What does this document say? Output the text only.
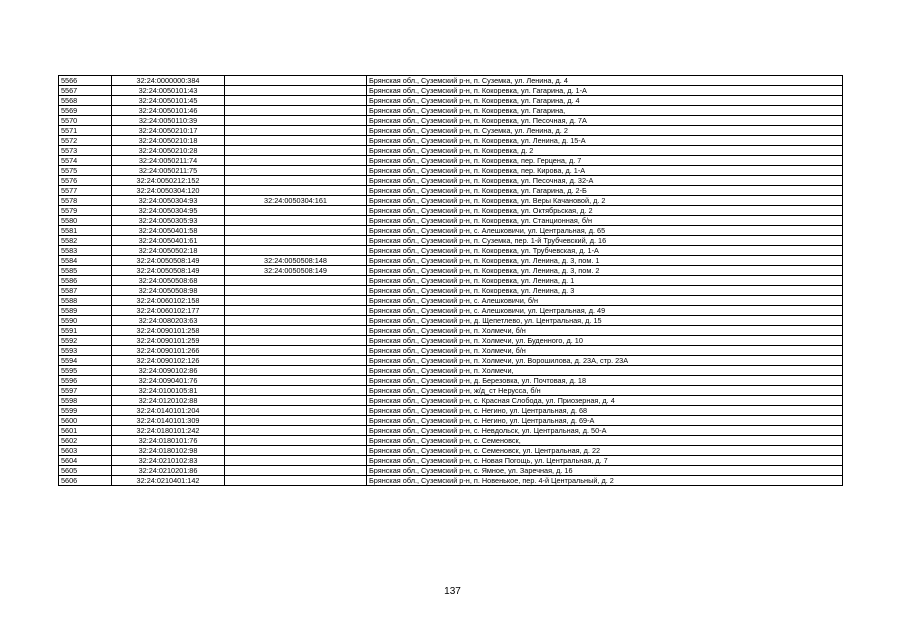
5566	32:24:0000000:384		Брянская обл., Суземский р-н, п. Суземка, ул. Ленина, д. 4
5567	32:24:0050101:43		Брянская обл., Суземский р-н, п. Кокоревка, ул. Гагарина, д. 1-А
5568	32:24:0050101:45		Брянская обл., Суземский р-н, п. Кокоревка, ул. Гагарина, д. 4
5569	32:24:0050101:46		Брянская обл., Суземский р-н, п. Кокоревка, ул. Гагарина,
5570	32:24:0050110:39		Брянская обл., Суземский р-н, п. Кокоревка, ул. Песочная, д. 7А
5571	32:24:0050210:17		Брянская обл., Суземский р-н, п. Суземка, ул. Ленина, д. 2
5572	32:24:0050210:18		Брянская обл., Суземский р-н, п. Кокоревка, ул. Ленина, д. 15-А
5573	32:24:0050210:28		Брянская обл., Суземский р-н, п. Кокоревка, д. 2
5574	32:24:0050211:74		Брянская обл., Суземский р-н, п. Кокоревка, пер. Герцена, д. 7
5575	32:24:0050211:75		Брянская обл., Суземский р-н, п. Кокоревка, пер. Кирова, д. 1-А
5576	32:24:0050212:152		Брянская обл., Суземский р-н, п. Кокоревка, ул. Песочная, д. 32-А
5577	32:24:0050304:120		Брянская обл., Суземский р-н, п. Кокоревка, ул. Гагарина, д. 2-Б
5578	32:24:0050304:93	32:24:0050304:161	Брянская обл., Суземский р-н, п. Кокоревка, ул. Веры Качановой, д. 2
5579	32:24:0050304:95		Брянская обл., Суземский р-н, п. Кокоревка, ул. Октябрьская, д. 2
5580	32:24:0050305:93		Брянская обл., Суземский р-н, п. Кокоревка, ул. Станционная, б/н
5581	32:24:0050401:58		Брянская обл., Суземский р-н, с. Алешковичи, ул. Центральная, д. 65
5582	32:24:0050401:61		Брянская обл., Суземский р-н, п. Суземка, пер. 1-й Трубчевский, д. 16
5583	32:24:0050502:18		Брянская обл., Суземский р-н, п. Кокоревка, ул. Трубчевская, д. 1-А
5584	32:24:0050508:149	32:24:0050508:148	Брянская обл., Суземский р-н, п. Кокоревка, ул. Ленина, д. 3, пом. 1
5585	32:24:0050508:149	32:24:0050508:149	Брянская обл., Суземский р-н, п. Кокоревка, ул. Ленина, д. 3, пом. 2
5586	32:24:0050508:68		Брянская обл., Суземский р-н, п. Кокоревка, ул. Ленина, д. 1
5587	32:24:0050508:98		Брянская обл., Суземский р-н, п. Кокоревка, ул. Ленина, д. 3
5588	32:24:0060102:158		Брянская обл., Суземский р-н, с. Алешковичи, б/н
5589	32:24:0060102:177		Брянская обл., Суземский р-н, с. Алешковичи, ул. Центральная, д. 49
5590	32:24:0080203:63		Брянская обл., Суземский р-н, д. Щепетлево, ул. Центральная, д. 15
5591	32:24:0090101:258		Брянская обл., Суземский р-н, п. Холмечи, б/н
5592	32:24:0090101:259		Брянская обл., Суземский р-н, п. Холмечи, ул. Буденного, д. 10
5593	32:24:0090101:266		Брянская обл., Суземский р-н, п. Холмечи, б/н
5594	32:24:0090102:126		Брянская обл., Суземский р-н, п. Холмечи, ул. Ворошилова, д. 23А, стр. 23А
5595	32:24:0090102:86		Брянская обл., Суземский р-н, п. Холмечи,
5596	32:24:0090401:76		Брянская обл., Суземский р-н, д. Березовка, ул. Почтовая, д. 18
5597	32:24:0100105:81		Брянская обл., Суземский р-н, ж/д_ст Нерусса, б/н
5598	32:24:0120102:88		Брянская обл., Суземский р-н, с. Красная Слобода, ул. Приозерная, д. 4
5599	32:24:0140101:204		Брянская обл., Суземский р-н, с. Негино, ул. Центральная, д. 68
5600	32:24:0140101:309		Брянская обл., Суземский р-н, с. Негино, ул. Центральная, д. 69-А
5601	32:24:0180101:242		Брянская обл., Суземский р-н, с. Невдольск, ул. Центральная, д. 50-А
5602	32:24:0180101:76		Брянская обл., Суземский р-н, с. Семеновск,
5603	32:24:0180102:98		Брянская обл., Суземский р-н, с. Семеновск, ул. Центральная, д. 22
5604	32:24:0210102:83		Брянская обл., Суземский р-н, с. Новая Погощь, ул. Центральная, д. 7
5605	32:24:0210201:86		Брянская обл., Суземский р-н, с. Ямное, ул. Заречная, д. 16
5606	32:24:0210401:142		Брянская обл., Суземский р-н, п. Новенькое, пер. 4-й Центральный, д. 2
137
